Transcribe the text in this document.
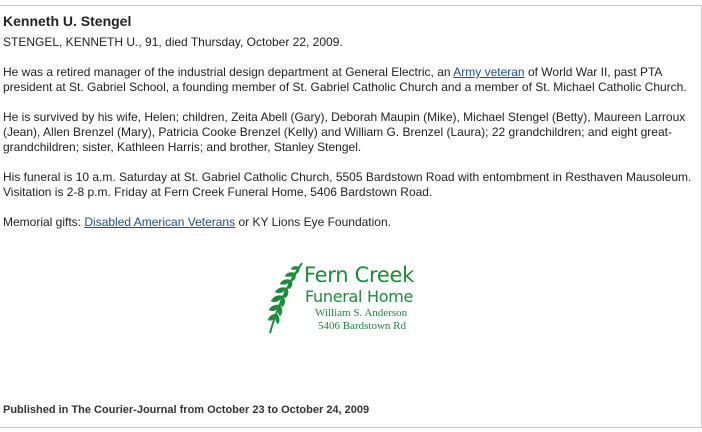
Kenneth U. Stengel

STENGEL, KENNETH U., 91, died Thursday, October 22, 2009.

He was a retired manager of the industrial design department at General Electric, an Army veteran of World War II, past PTA president at St. Gabriel School, a founding member of St. Gabriel Catholic Church and a member of St. Michael Catholic Church.

He is survived by his wife, Helen; children, Zeita Abell (Gary), Deborah Maupin (Mike), Michael Stengel (Betty), Maureen Larroux (Jean), Allen Brenzel (Mary), Patricia Cooke Brenzel (Kelly) and William G. Brenzel (Laura); 22 grandchildren; and eight great-grandchildren; sister, Kathleen Harris; and brother, Stanley Stengel.

His funeral is 10 a.m. Saturday at St. Gabriel Catholic Church, 5505 Bardstown Road with entombment in Resthaven Mausoleum. Visitation is 2-8 p.m. Friday at Fern Creek Funeral Home, 5406 Bardstown Road.

Memorial gifts: Disabled American Veterans or KY Lions Eye Foundation.

Fern Creek
Funeral Home
William S. Anderson
5406 Bardstown Rd
Published in The Courier-Journal from October 23 to October 24, 2009
